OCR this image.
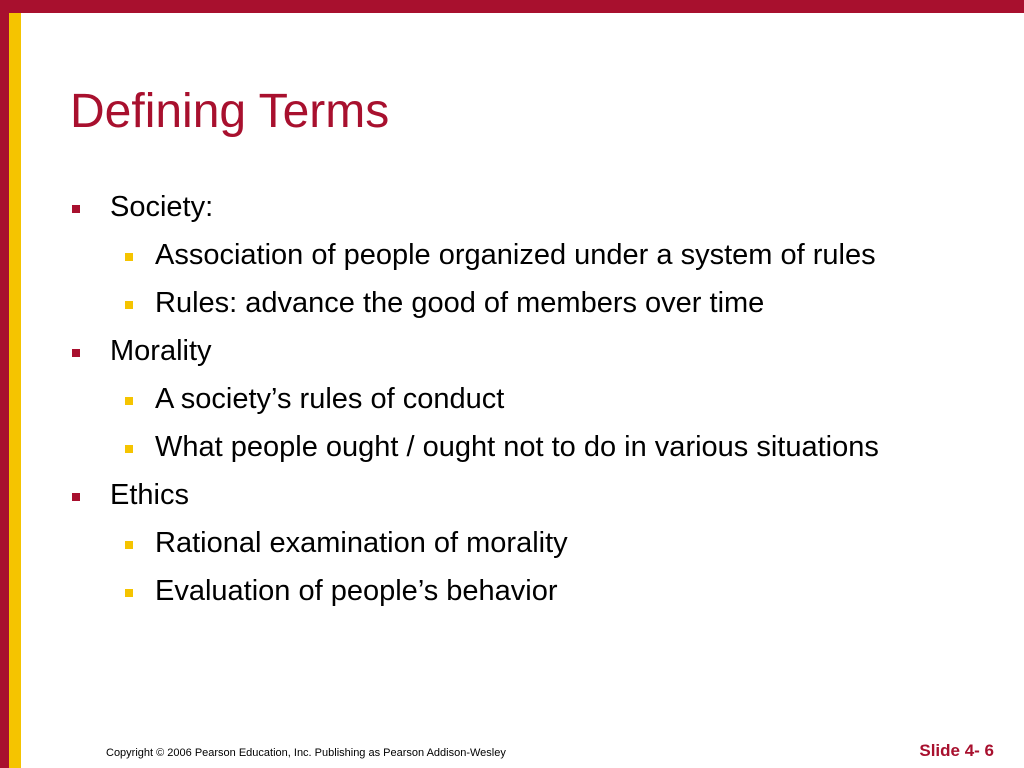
Defining Terms
Society:
Association of people organized under a system of rules
Rules: advance the good of members over time
Morality
A society’s rules of conduct
What people ought / ought not to do in various situations
Ethics
Rational examination of morality
Evaluation of people’s behavior
Copyright © 2006 Pearson Education, Inc. Publishing as Pearson Addison-Wesley	Slide 4- 6
